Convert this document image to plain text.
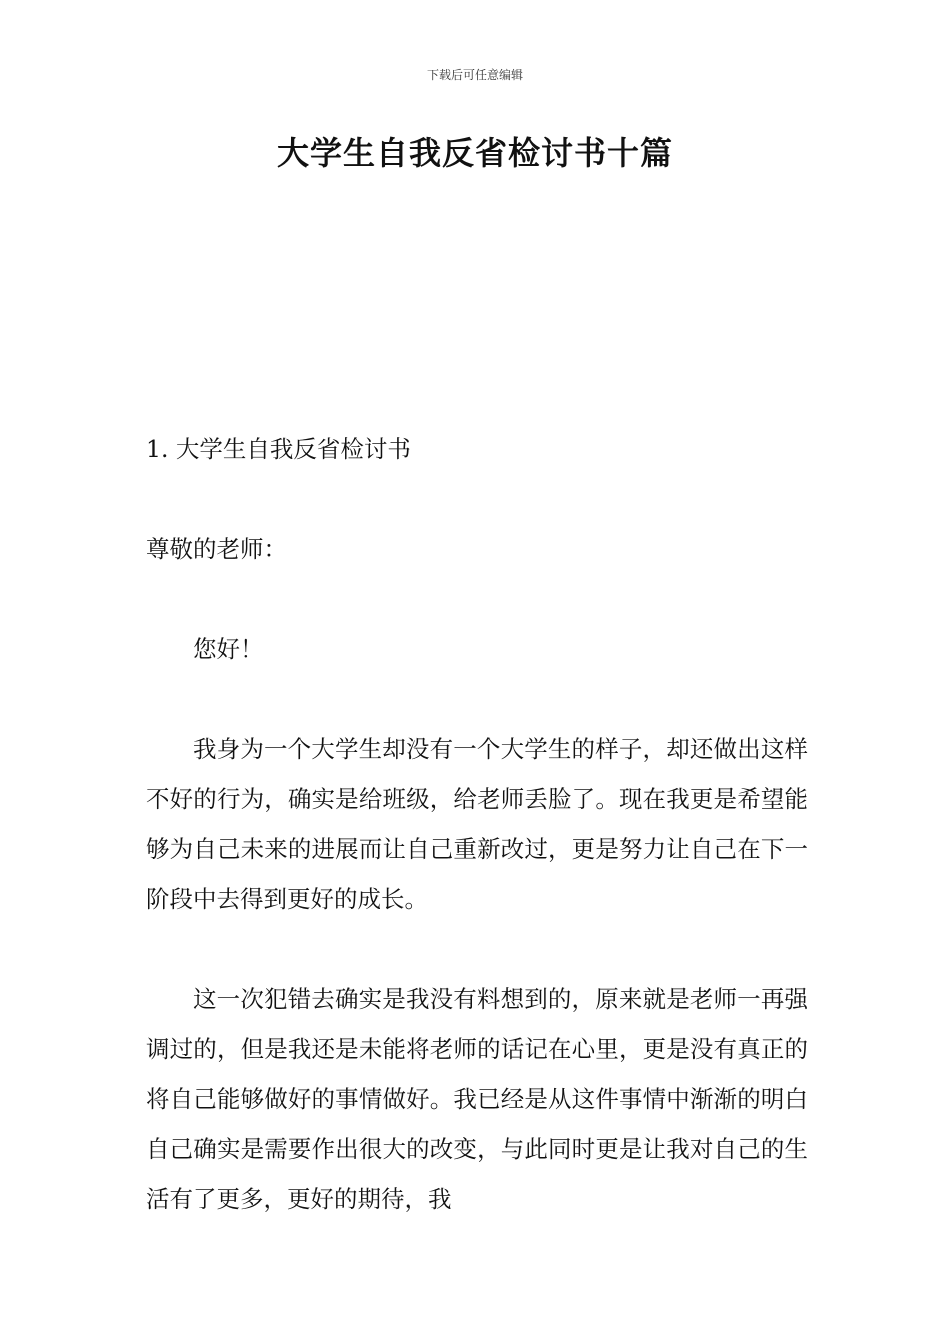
下载后可任意编辑
大学生自我反省检讨书十篇

1. 大学生自我反省检讨书

尊敬的老师：

您好！

我身为一个大学生却没有一个大学生的样子，却还做出这样不好的行为，确实是给班级，给老师丢脸了。现在我更是希望能够为自己未来的进展而让自己重新改过，更是努力让自己在下一阶段中去得到更好的成长。

这一次犯错去确实是我没有料想到的，原来就是老师一再强调过的，但是我还是未能将老师的话记在心里，更是没有真正的将自己能够做好的事情做好。我已经是从这件事情中渐渐的明白自己确实是需要作出很大的改变，与此同时更是让我对自己的生活有了更多，更好的期待，我
